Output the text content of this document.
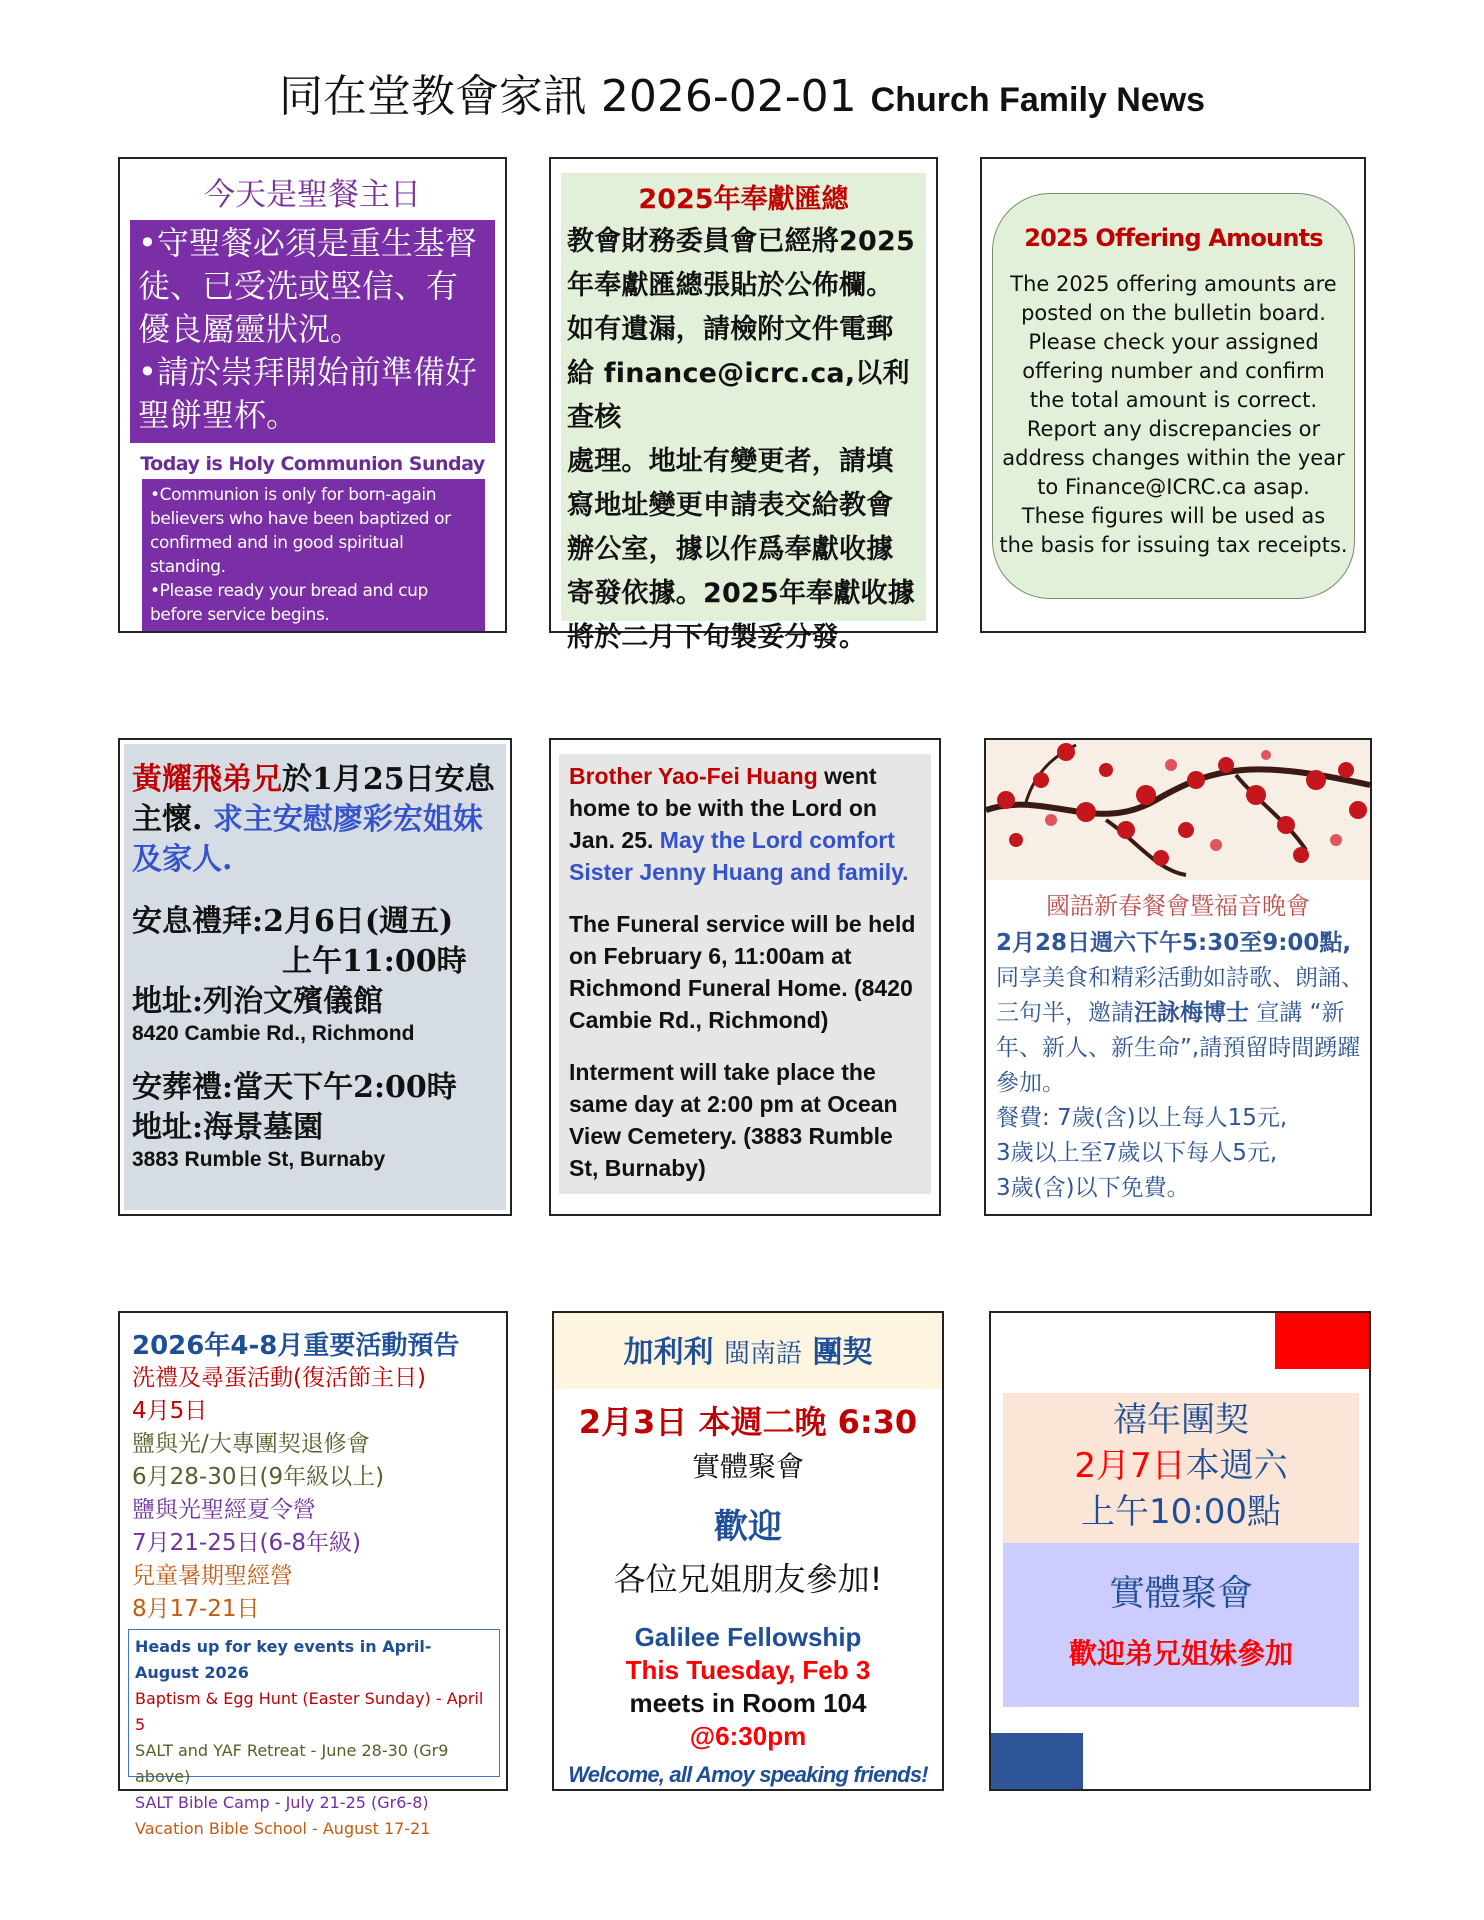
同在堂教會家訊 2026-02-01 Church Family News
今天是聖餐主日
•守聖餐必須是重生基督徒、已受洗或堅信、有優良屬靈狀況。
•請於崇拜開始前準備好聖餅聖杯。
Today is Holy Communion Sunday
•Communion is only for born-again believers who have been baptized or confirmed and in good spiritual standing.
•Please ready your bread and cup before service begins.
2025年奉獻匯總
教會財務委員會已經將2025
年奉獻匯總張貼於公佈欄。
如有遺漏，請檢附文件電郵
給 finance@icrc.ca,以利查核
處理。地址有變更者，請填
寫地址變更申請表交給教會
辦公室，據以作爲奉獻收據
寄發依據。2025年奉獻收據
將於二月下旬製妥分發。
2025 Offering Amounts
The 2025 offering amounts are
posted on the bulletin board.
Please check your assigned
offering number and confirm
the total amount is correct.
Report any discrepancies or
address changes within the year
to Finance@ICRC.ca asap.
These figures will be used as
the basis for issuing tax receipts.
黃耀飛弟兄於1月25日安息主懷. 求主安慰廖彩宏姐妹及家人.
安息禮拜:2月6日(週五)
上午11:00時
地址:列治文殯儀館
8420 Cambie Rd., Richmond
安葬禮:當天下午2:00時
地址:海景墓園
3883 Rumble St, Burnaby

Brother Yao-Fei Huang went home to be with the Lord on Jan. 25. May the Lord comfort Sister Jenny Huang and family.

The Funeral service will be held on February 6, 11:00am at Richmond Funeral Home. (8420 Cambie Rd., Richmond)

Interment will take place the same day at 2:00 pm at Ocean View Cemetery. (3883 Rumble St, Burnaby)

國語新春餐會暨福音晚會
2月28日週六下午5:30至9:00點,
同享美食和精彩活動如詩歌、朗誦、三句半，邀請汪詠梅博士 宣講 “新年、新人、新生命”,請預留時間踴躍參加。
餐費: 7歲(含)以上每人15元,
3歲以上至7歲以下每人5元,
3歲(含)以下免費。
2026年4-8月重要活動預告
洗禮及尋蛋活動(復活節主日)
4月5日
鹽與光/大專團契退修會
6月28-30日(9年級以上)
鹽與光聖經夏令營
7月21-25日(6-8年級)
兒童暑期聖經營
8月17-21日
Heads up for key events in April-August 2026
Baptism & Egg Hunt (Easter Sunday) - April 5
SALT and YAF Retreat - June 28-30 (Gr9 above)
SALT Bible Camp - July 21-25 (Gr6-8)
Vacation Bible School - August 17-21
加利利 閩南語 團契
2月3日 本週二晚 6:30
實體聚會
歡迎
各位兄姐朋友參加!
Galilee Fellowship
This Tuesday, Feb 3
meets in Room 104
@6:30pm
Welcome, all Amoy speaking friends!
禧年團契
2月7日本週六
上午10:00點
實體聚會
歡迎弟兄姐妹參加
